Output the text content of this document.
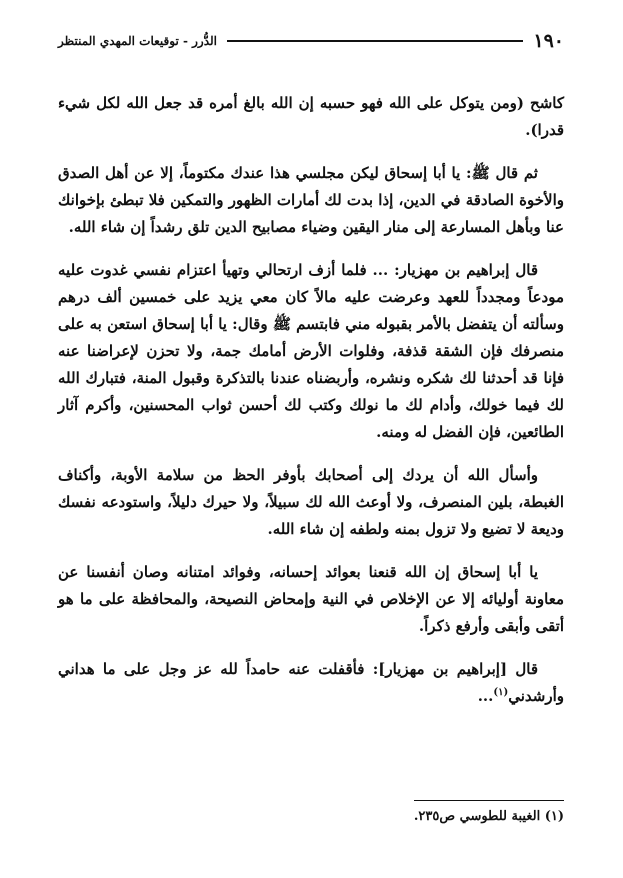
١٩٠
الدُّرر - توقيعات المهدي المنتظر

كاشح (ومن يتوكل على الله فهو حسبه إن الله بالغ أمره قد جعل الله لكل شيء قدرا).

ثم قال ﷺ: يا أبا إسحاق ليكن مجلسي هذا عندك مكتوماً، إلا عن أهل الصدق والأخوة الصادقة في الدين، إذا بدت لك أمارات الظهور والتمكين فلا تبطئ بإخوانك عنا وبأهل المسارعة إلى منار اليقين وضياء مصابيح الدين تلق رشداً إن شاء الله.

قال إبراهيم بن مهزيار: ... فلما أزف ارتحالي وتهيأ اعتزام نفسي غدوت عليه مودعاً ومجدداً للعهد وعرضت عليه مالاً كان معي يزيد على خمسين ألف درهم وسألته أن يتفضل بالأمر بقبوله مني فابتسم ﷺ وقال: يا أبا إسحاق استعن به على منصرفك فإن الشقة قذفة، وفلوات الأرض أمامك جمة، ولا تحزن لإعراضنا عنه فإنا قد أحدثنا لك شكره ونشره، وأربضناه عندنا بالتذكرة وقبول المنة، فتبارك الله لك فيما خولك، وأدام لك ما نولك وكتب لك أحسن ثواب المحسنين، وأكرم آثار الطائعين، فإن الفضل له ومنه.

وأسأل الله أن يردك إلى أصحابك بأوفر الحظ من سلامة الأوبة، وأكناف الغبطة، بلين المنصرف، ولا أوعث الله لك سبيلاً، ولا حيرك دليلاً، واستودعه نفسك وديعة لا تضيع ولا تزول بمنه ولطفه إن شاء الله.

يا أبا إسحاق إن الله قنعنا بعوائد إحسانه، وفوائد امتنانه وصان أنفسنا عن معاونة أوليائه إلا عن الإخلاص في النية وإمحاض النصيحة، والمحافظة على ما هو أتقى وأبقى وأرفع ذكراً.

قال [إبراهيم بن مهزيار]: فأقفلت عنه حامداً لله عز وجل على ما هداني وأرشدني$^{(١)}$...

(١) الغيبة للطوسي ص٢٣٥.
